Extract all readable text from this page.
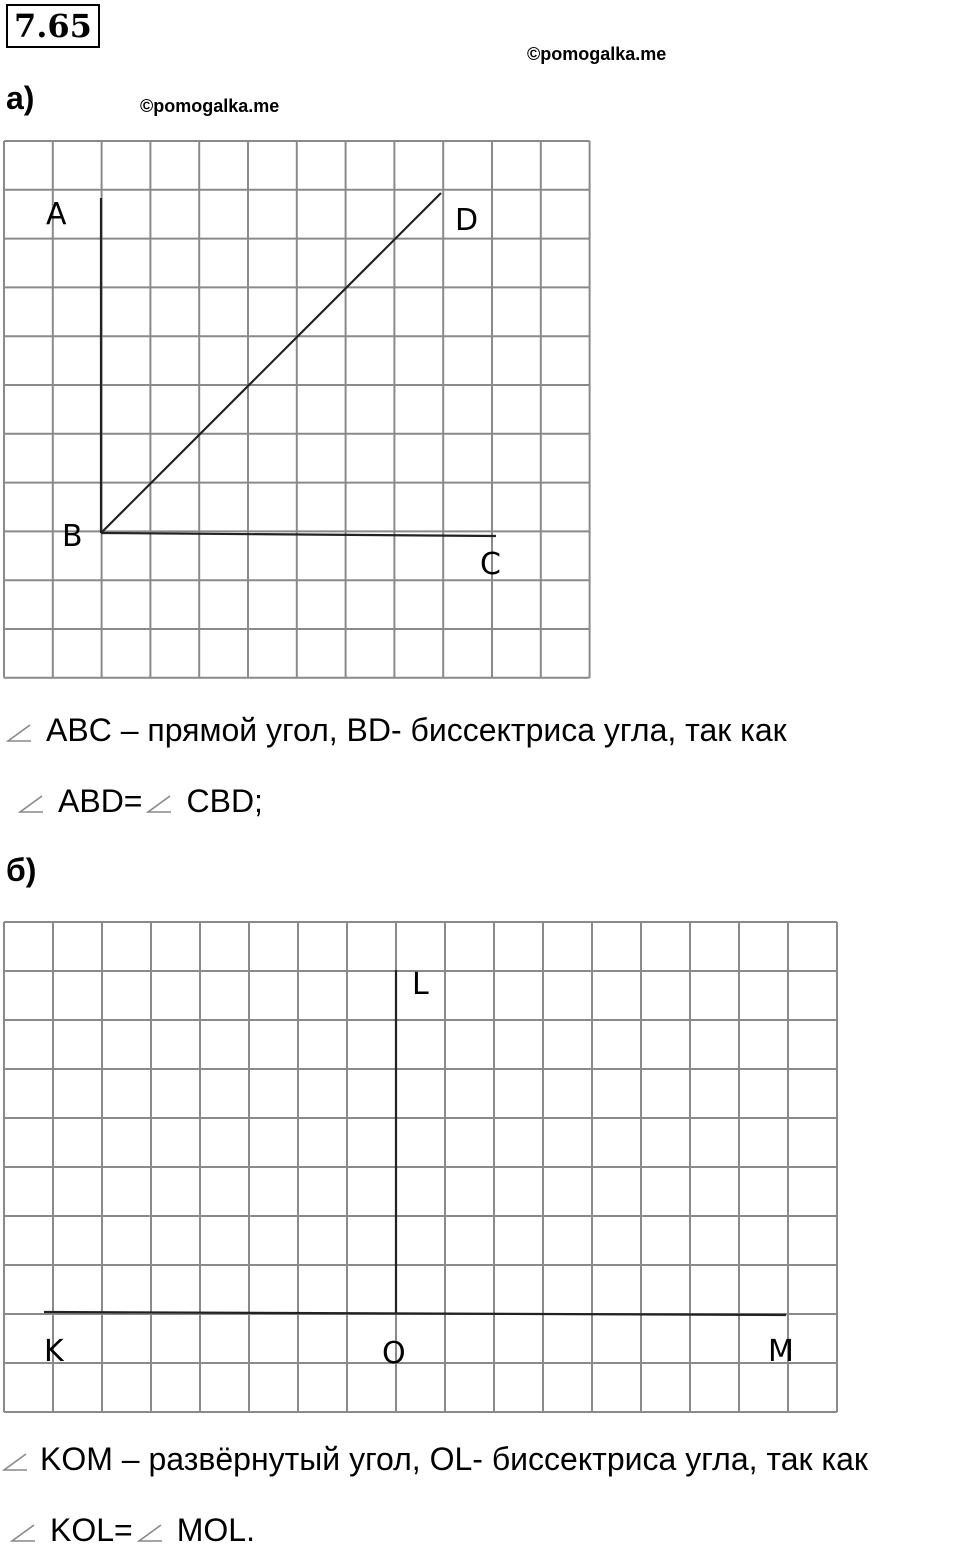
7.65
©pomogalka.me
а)	©pomogalka.me
A	D
B
C
ABC – прямой угол, BD- биссектриса угла, так как
ABD= CBD;
б)
L
K	O	M
KOM – развёрнутый угол, OL- биссектриса угла, так как
KOL= MOL.
